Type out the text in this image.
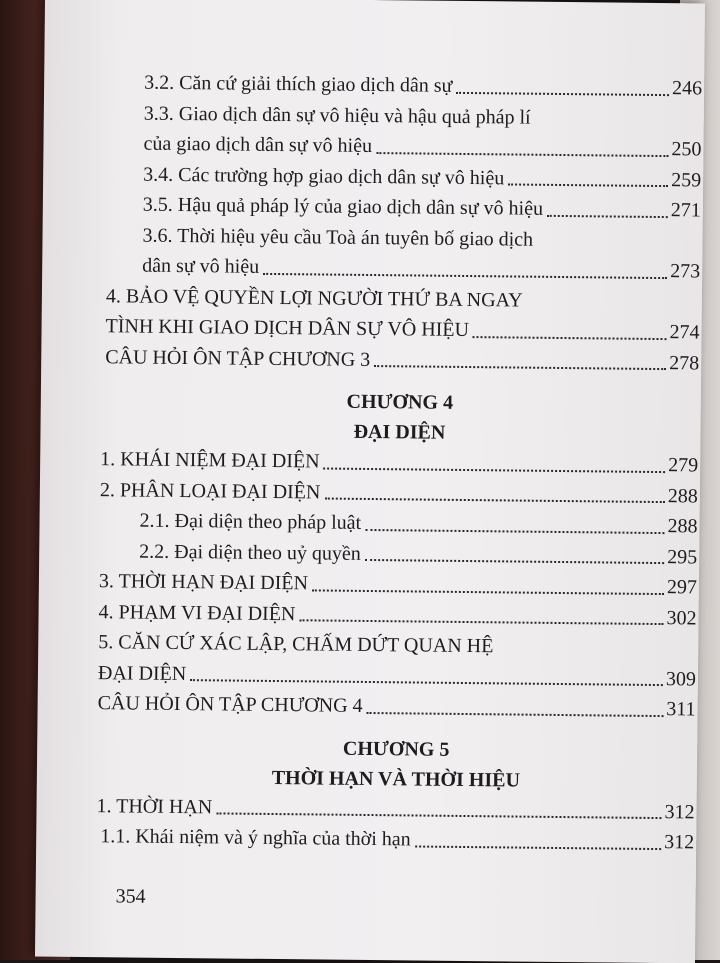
3.2. Căn cứ giải thích giao dịch dân sự	246
3.3. Giao dịch dân sự vô hiệu và hậu quả pháp lí
của giao dịch dân sự vô hiệu	250
3.4. Các trường hợp giao dịch dân sự vô hiệu	259
3.5. Hậu quả pháp lý của giao dịch dân sự vô hiệu	271
3.6. Thời hiệu yêu cầu Toà án tuyên bố giao dịch
dân sự vô hiệu	273
4. BẢO VỆ QUYỀN LỢI NGƯỜI THỨ BA NGAY
TÌNH KHI GIAO DỊCH DÂN SỰ VÔ HIỆU	274
CÂU HỎI ÔN TẬP CHƯƠNG 3	278
CHƯƠNG 4
ĐẠI DIỆN
1. KHÁI NIỆM ĐẠI DIỆN	279
2. PHÂN LOẠI ĐẠI DIỆN	288
2.1. Đại diện theo pháp luật	288
2.2. Đại diện theo uỷ quyền	295
3. THỜI HẠN ĐẠI DIỆN	297
4. PHẠM VI ĐẠI DIỆN	302
5. CĂN CỨ XÁC LẬP, CHẤM DỨT QUAN HỆ
ĐẠI DIỆN	309
CÂU HỎI ÔN TẬP CHƯƠNG 4	311
CHƯƠNG 5
THỜI HẠN VÀ THỜI HIỆU
1. THỜI HẠN	312
1.1. Khái niệm và ý nghĩa của thời hạn	312
354
